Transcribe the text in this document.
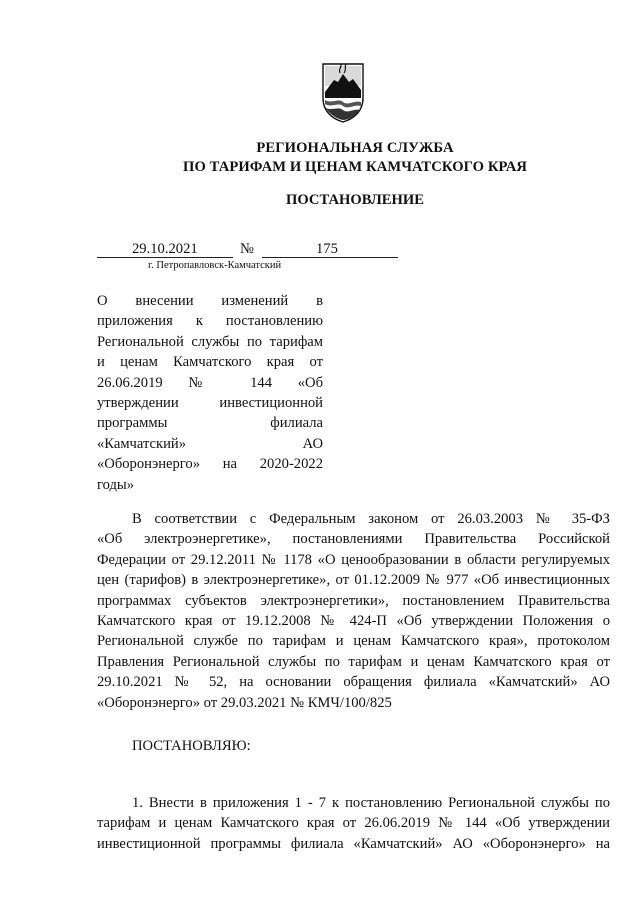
РЕГИОНАЛЬНАЯ СЛУЖБА
ПО ТАРИФАМ И ЦЕНАМ КАМЧАТСКОГО КРАЯ
ПОСТАНОВЛЕНИЕ
29.10.2021	№	175
г. Петропавловск-Камчатский
О внесении изменений в
приложения к постановлению
Региональной службы по тарифам
и ценам Камчатского края от
26.06.2019 № 144 «Об
утверждении инвестиционной
программы филиала
«Камчатский» АО
«Оборонэнерго» на 2020-2022
годы»
В соответствии с Федеральным законом от 26.03.2003 № 35-ФЗ
«Об электроэнергетике», постановлениями Правительства Российской
Федерации от 29.12.2011 № 1178 «О ценообразовании в области регулируемых
цен (тарифов) в электроэнергетике», от 01.12.2009 № 977 «Об инвестиционных
программах субъектов электроэнергетики», постановлением Правительства
Камчатского края от 19.12.2008 № 424-П «Об утверждении Положения о
Региональной службе по тарифам и ценам Камчатского края», протоколом
Правления Региональной службы по тарифам и ценам Камчатского края от
29.10.2021 № 52, на основании обращения филиала «Камчатский» АО
«Оборонэнерго» от 29.03.2021 № КМЧ/100/825
ПОСТАНОВЛЯЮ:
1. Внести в приложения 1 - 7 к постановлению Региональной службы по
тарифам и ценам Камчатского края от 26.06.2019 № 144 «Об утверждении
инвестиционной программы филиала «Камчатский» АО «Оборонэнерго» на
